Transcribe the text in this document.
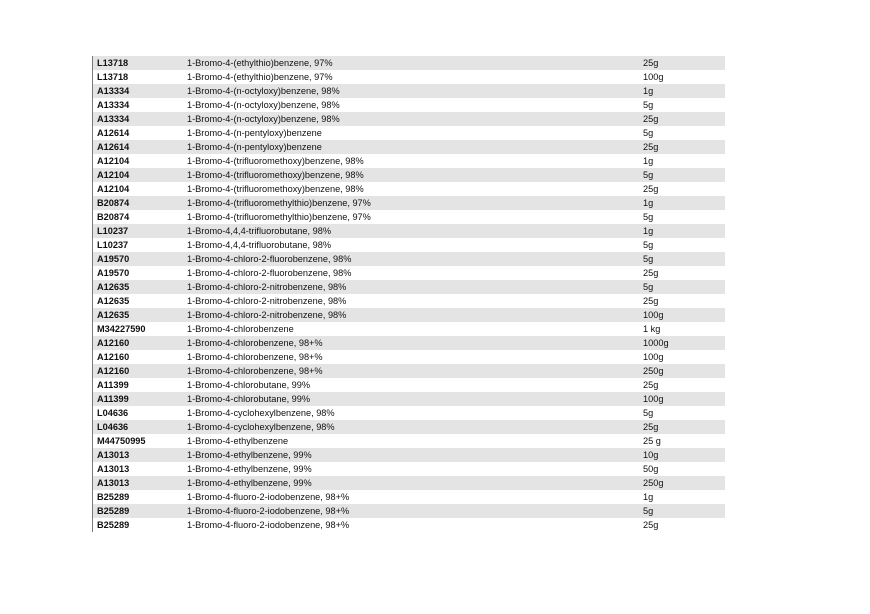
L13718	1-Bromo-4-(ethylthio)benzene, 97%	25g
L13718	1-Bromo-4-(ethylthio)benzene, 97%	100g
A13334	1-Bromo-4-(n-octyloxy)benzene, 98%	1g
A13334	1-Bromo-4-(n-octyloxy)benzene, 98%	5g
A13334	1-Bromo-4-(n-octyloxy)benzene, 98%	25g
A12614	1-Bromo-4-(n-pentyloxy)benzene	5g
A12614	1-Bromo-4-(n-pentyloxy)benzene	25g
A12104	1-Bromo-4-(trifluoromethoxy)benzene, 98%	1g
A12104	1-Bromo-4-(trifluoromethoxy)benzene, 98%	5g
A12104	1-Bromo-4-(trifluoromethoxy)benzene, 98%	25g
B20874	1-Bromo-4-(trifluoromethylthio)benzene, 97%	1g
B20874	1-Bromo-4-(trifluoromethylthio)benzene, 97%	5g
L10237	1-Bromo-4,4,4-trifluorobutane, 98%	1g
L10237	1-Bromo-4,4,4-trifluorobutane, 98%	5g
A19570	1-Bromo-4-chloro-2-fluorobenzene, 98%	5g
A19570	1-Bromo-4-chloro-2-fluorobenzene, 98%	25g
A12635	1-Bromo-4-chloro-2-nitrobenzene, 98%	5g
A12635	1-Bromo-4-chloro-2-nitrobenzene, 98%	25g
A12635	1-Bromo-4-chloro-2-nitrobenzene, 98%	100g
M34227590	1-Bromo-4-chlorobenzene	1 kg
A12160	1-Bromo-4-chlorobenzene, 98+%	1000g
A12160	1-Bromo-4-chlorobenzene, 98+%	100g
A12160	1-Bromo-4-chlorobenzene, 98+%	250g
A11399	1-Bromo-4-chlorobutane, 99%	25g
A11399	1-Bromo-4-chlorobutane, 99%	100g
L04636	1-Bromo-4-cyclohexylbenzene, 98%	5g
L04636	1-Bromo-4-cyclohexylbenzene, 98%	25g
M44750995	1-Bromo-4-ethylbenzene	25 g
A13013	1-Bromo-4-ethylbenzene, 99%	10g
A13013	1-Bromo-4-ethylbenzene, 99%	50g
A13013	1-Bromo-4-ethylbenzene, 99%	250g
B25289	1-Bromo-4-fluoro-2-iodobenzene, 98+%	1g
B25289	1-Bromo-4-fluoro-2-iodobenzene, 98+%	5g
B25289	1-Bromo-4-fluoro-2-iodobenzene, 98+%	25g
